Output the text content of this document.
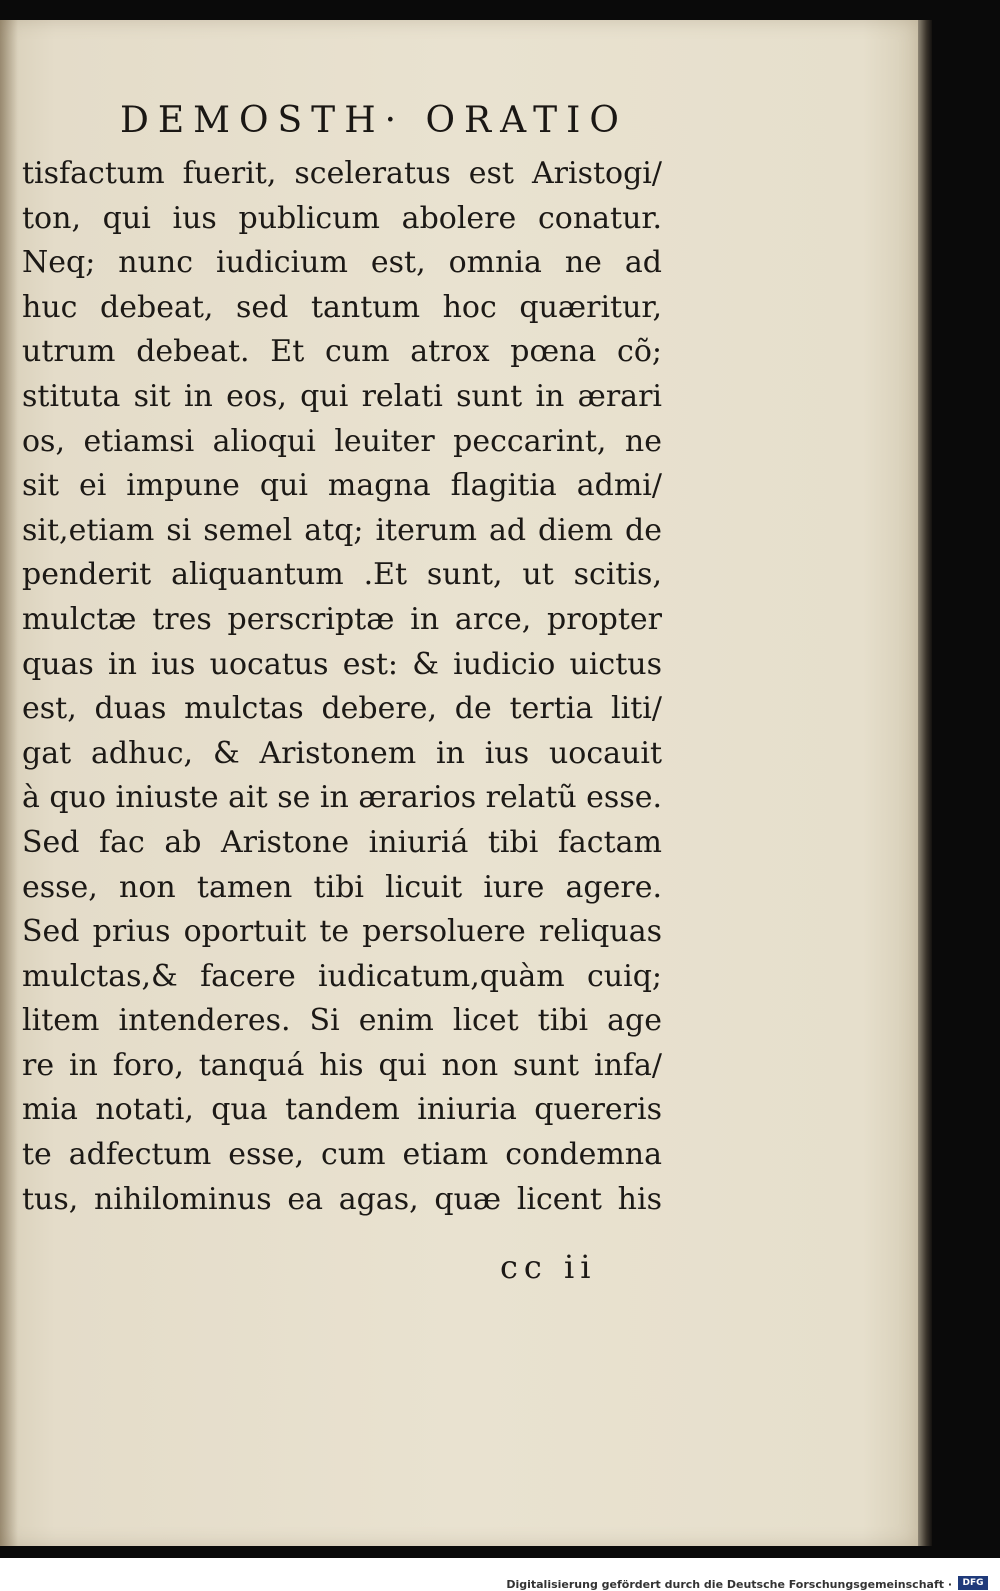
DEMOSTH· ORATIO
tisfactum fuerit, sceleratus est Aristogi/
ton, qui ius publicum abolere conatur.
Neq; nunc iudicium est, omnia ne ad
huc debeat, sed tantum hoc quæritur,
utrum debeat. Et cum atrox pœna cõ;
stituta sit in eos, qui relati sunt in ærari
os, etiamsi alioqui leuiter peccarint, ne
sit ei impune qui magna flagitia admi/
sit,etiam si semel atq; iterum ad diem de
penderit aliquantum .Et sunt, ut scitis,
mulctæ tres perscriptæ in arce, propter
quas in ius uocatus est: & iudicio uictus
est, duas mulctas debere, de tertia liti/
gat adhuc, & Aristonem in ius uocauit
à quo iniuste ait se in ærarios relatũ esse.
Sed fac ab Aristone iniuriá tibi factam
esse, non tamen tibi licuit iure agere.
Sed prius oportuit te persoluere reliquas
mulctas,& facere iudicatum,quàm cuiq;
litem intenderes. Si enim licet tibi age
re in foro, tanquá his qui non sunt infa/
mia notati, qua tandem iniuria quereris
te adfectum esse, cum etiam condemna
tus, nihilominus ea agas, quæ licent his
cc ii
Digitalisierung gefördert durch die Deutsche Forschungsgemeinschaft ·	DFG
